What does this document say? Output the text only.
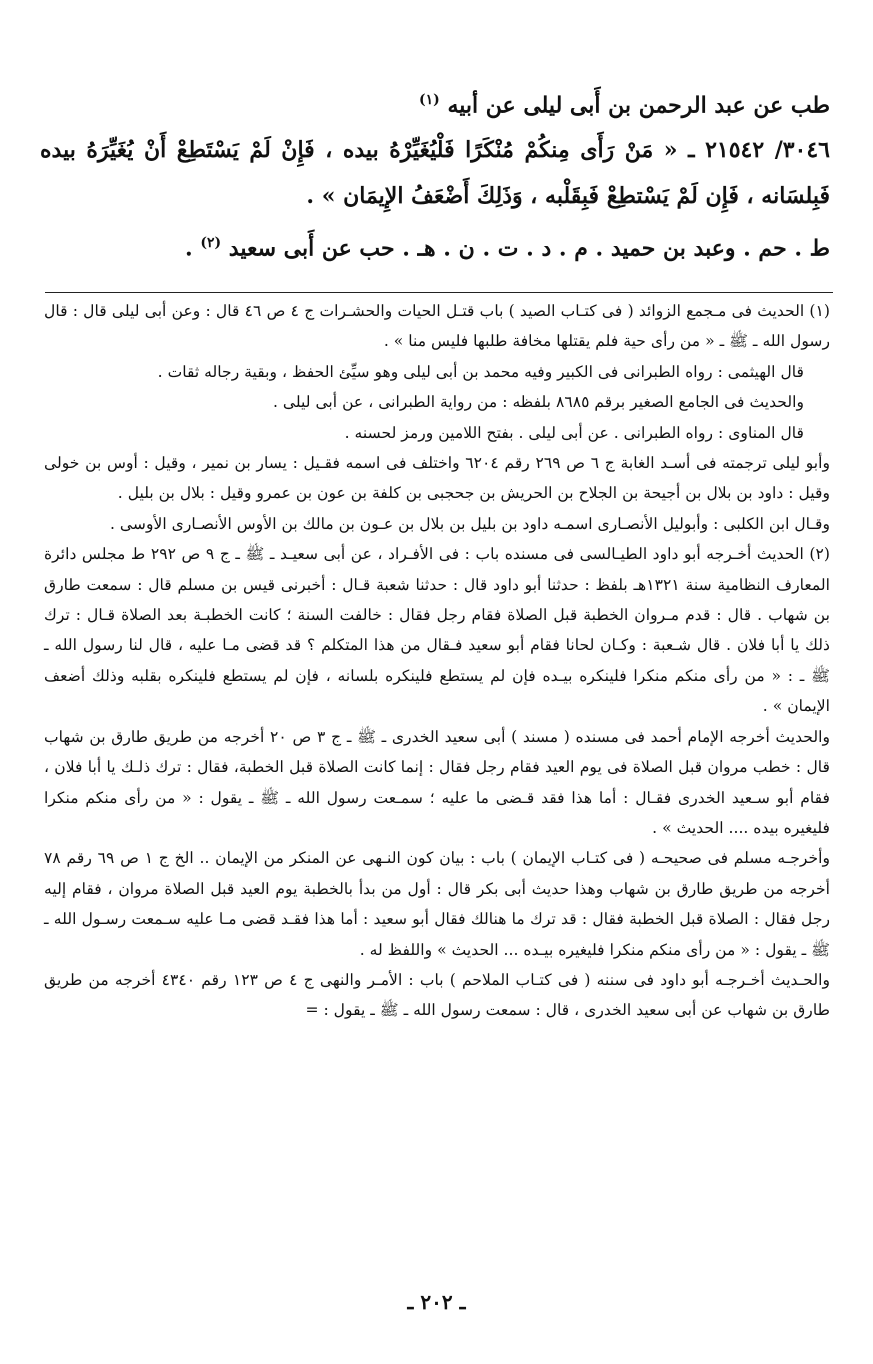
طب عن عبد الرحمن بن أَبى ليلى عن أبيه $^{(١)}$

٣٠٤٦/ ٢١٥٤٢ ـ « مَنْ رَأَى مِنكُمْ مُنْكَرًا فَلْيُغَيِّرْهُ بيده ، فَإِنْ لَمْ يَسْتَطِعْ أَنْ يُغَيِّرَهُ بيده فَبِلسَانه ، فَإِن لَمْ يَسْتطِعْ فَبِقَلْبه ، وَذَلِكَ أَضْعَفُ الإِيمَان » .

ط . حم . وعبد بن حميد . م . د . ت . ن . هـ . حب عن أَبى سعيد $^{(٢)}$ .

(١) الحديث فى مـجمع الزوائد ( فى كتـاب الصيد ) باب قتـل الحيات والحشـرات ج ٤ ص ٤٦ قال : وعن أبى ليلى قال : قال رسول الله ـ ﷺ ـ « من رأى حية فلم يقتلها مخافة طلبها فليس منا » .

قال الهيثمى : رواه الطبرانى فى الكبير وفيه محمد بن أبى ليلى وهو سيِّئ الحفظ ، وبقية رجاله ثقات .

والحديث فى الجامع الصغير برقم ٨٦٨٥ بلفظه : من رواية الطبرانى ، عن أبى ليلى .

قال المناوى : رواه الطبرانى . عن أبى ليلى . بفتح اللامين ورمز لحسنه .

وأبو ليلى ترجمته فى أسـد الغابة ج ٦ ص ٢٦٩ رقم ٦٢٠٤ واختلف فى اسمه فقـيل : يسار بن نمير ، وقيل : أوس بن خولى وقيل : داود بن بلال بن أجيحة بن الجلاح بن الحريش بن جحجبى بن كلفة بن عون بن عمرو وقيل : بلال بن بليل .

وقـال ابن الكلبى : وأبوليل الأنصـارى اسمـه داود بن بليل بن بلال بن عـون بن مالك بن الأوس الأنصـارى الأوسى .

(٢) الحديث أخـرجه أبو داود الطيـالسى فى مسنده باب : فى الأفـراد ، عن أبى سعيـد ـ ﷺ ـ ج ٩ ص ٢٩٢ ط مجلس دائرة المعارف النظامية سنة ١٣٢١هـ بلفظ : حدثنا أبو داود قال : حدثنا شعبة قـال : أخبرنى قيس بن مسلم قال : سمعت طارق بن شهاب . قال : قدم مـروان الخطبة قبل الصلاة فقام رجل فقال : خالفت السنة ؛ كانت الخطبـة بعد الصلاة قـال : ترك ذلك يا أبا فلان . قال شـعبة : وكـان لحانا فقام أبو سعيد فـقال من هذا المتكلم ؟ قد قضى مـا عليه ، قال لنا رسول الله ـ ﷺ ـ : « من رأى منكم منكرا فلينكره بيـده فإن لم يستطع فلينكره بلسانه ، فإن لم يستطع فلينكره بقلبه وذلك أضعف الإيمان » .

والحديث أخرجه الإمام أحمد فى مسنده ( مسند ) أبى سعيد الخدرى ـ ﷺ ـ ج ٣ ص ٢٠ أخرجه من طريق طارق بن شهاب قال : خطب مروان قبل الصلاة فى يوم العيد فقام رجل فقال : إنما كانت الصلاة قبل الخطبة، فقال : ترك ذلـك يا أبا فلان ، فقام أبو سـعيد الخدرى فقـال : أما هذا فقد قـضى ما عليه ؛ سمـعت رسول الله ـ ﷺ ـ يقول : « من رأى منكم منكرا فليغيره بيده .... الحديث » .

وأخرجـه مسلم فى صحيحـه ( فى كتـاب الإيمان ) باب : بيان كون النـهى عن المنكر من الإيمان .. الخ ج ١ ص ٦٩ رقم ٧٨ أخرجه من طريق طارق بن شهاب وهذا حديث أبى بكر قال : أول من بدأ بالخطبة يوم العيد قبل الصلاة مروان ، فقام إليه رجل فقال : الصلاة قبل الخطبة فقال : قد ترك ما هنالك فقال أبو سعيد : أما هذا فقـد قضى مـا عليه سـمعت رسـول الله ـ ﷺ ـ يقول : « من رأى منكم منكرا فليغيره بيـده ... الحديث » واللفظ له .

والحـديث أخـرجـه أبو داود فى سننه ( فى كتـاب الملاحم ) باب : الأمـر والنهى ج ٤ ص ١٢٣ رقم ٤٣٤٠ أخرجه من طريق طارق بن شهاب عن أبى سعيد الخدرى ، قال : سمعت رسول الله ـ ﷺ ـ يقول : =

ـ ٢٠٢ ـ
